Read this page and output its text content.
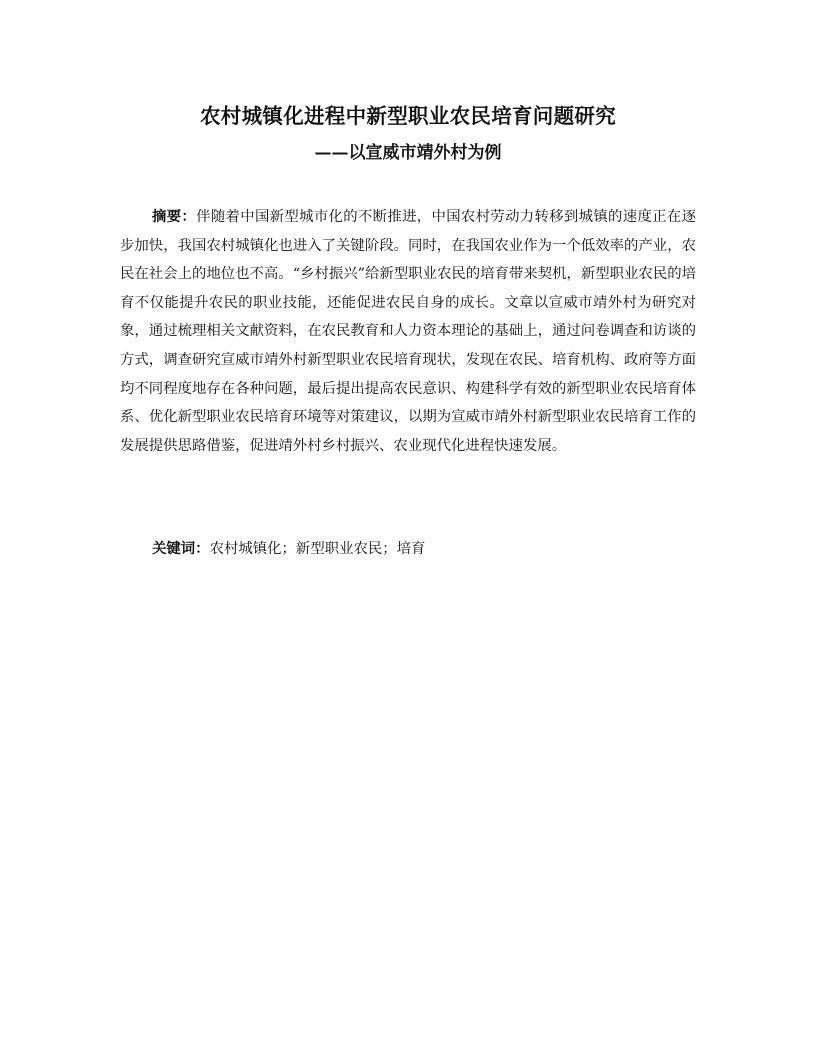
农村城镇化进程中新型职业农民培育问题研究
——以宣威市靖外村为例

摘要：伴随着中国新型城市化的不断推进，中国农村劳动力转移到城镇的速度正在逐步加快，我国农村城镇化也进入了关键阶段。同时，在我国农业作为一个低效率的产业，农民在社会上的地位也不高。“乡村振兴”给新型职业农民的培育带来契机，新型职业农民的培育不仅能提升农民的职业技能，还能促进农民自身的成长。文章以宣威市靖外村为研究对象，通过梳理相关文献资料，在农民教育和人力资本理论的基础上，通过问卷调查和访谈的方式，调查研究宣威市靖外村新型职业农民培育现状，发现在农民、培育机构、政府等方面均不同程度地存在各种问题，最后提出提高农民意识、构建科学有效的新型职业农民培育体系、优化新型职业农民培育环境等对策建议，以期为宣威市靖外村新型职业农民培育工作的发展提供思路借鉴，促进靖外村乡村振兴、农业现代化进程快速发展。

关键词：农村城镇化；新型职业农民；培育
